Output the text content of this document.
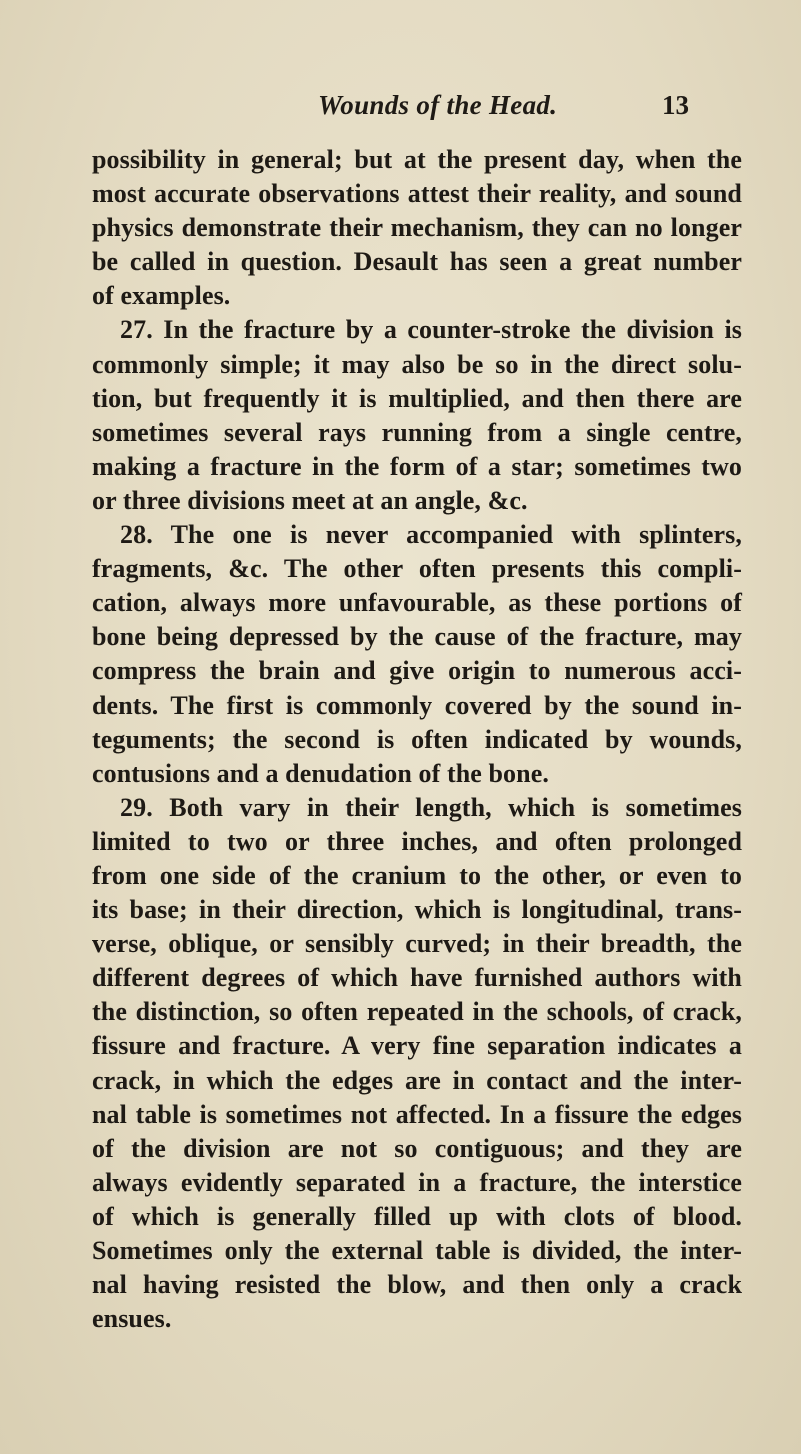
Wounds of the Head.	13
possibility in general; but at the present day, when the
most accurate observations attest their reality, and sound
physics demonstrate their mechanism, they can no longer
be called in question. Desault has seen a great number
of examples.
27. In the fracture by a counter-stroke the division is
commonly simple; it may also be so in the direct solu-
tion, but frequently it is multiplied, and then there are
sometimes several rays running from a single centre,
making a fracture in the form of a star; sometimes two
or three divisions meet at an angle, &c.
28. The one is never accompanied with splinters,
fragments, &c. The other often presents this compli-
cation, always more unfavourable, as these portions of
bone being depressed by the cause of the fracture, may
compress the brain and give origin to numerous acci-
dents. The first is commonly covered by the sound in-
teguments; the second is often indicated by wounds,
contusions and a denudation of the bone.
29. Both vary in their length, which is sometimes
limited to two or three inches, and often prolonged
from one side of the cranium to the other, or even to
its base; in their direction, which is longitudinal, trans-
verse, oblique, or sensibly curved; in their breadth, the
different degrees of which have furnished authors with
the distinction, so often repeated in the schools, of crack,
fissure and fracture. A very fine separation indicates a
crack, in which the edges are in contact and the inter-
nal table is sometimes not affected. In a fissure the edges
of the division are not so contiguous; and they are
always evidently separated in a fracture, the interstice
of which is generally filled up with clots of blood.
Sometimes only the external table is divided, the inter-
nal having resisted the blow, and then only a crack
ensues.
